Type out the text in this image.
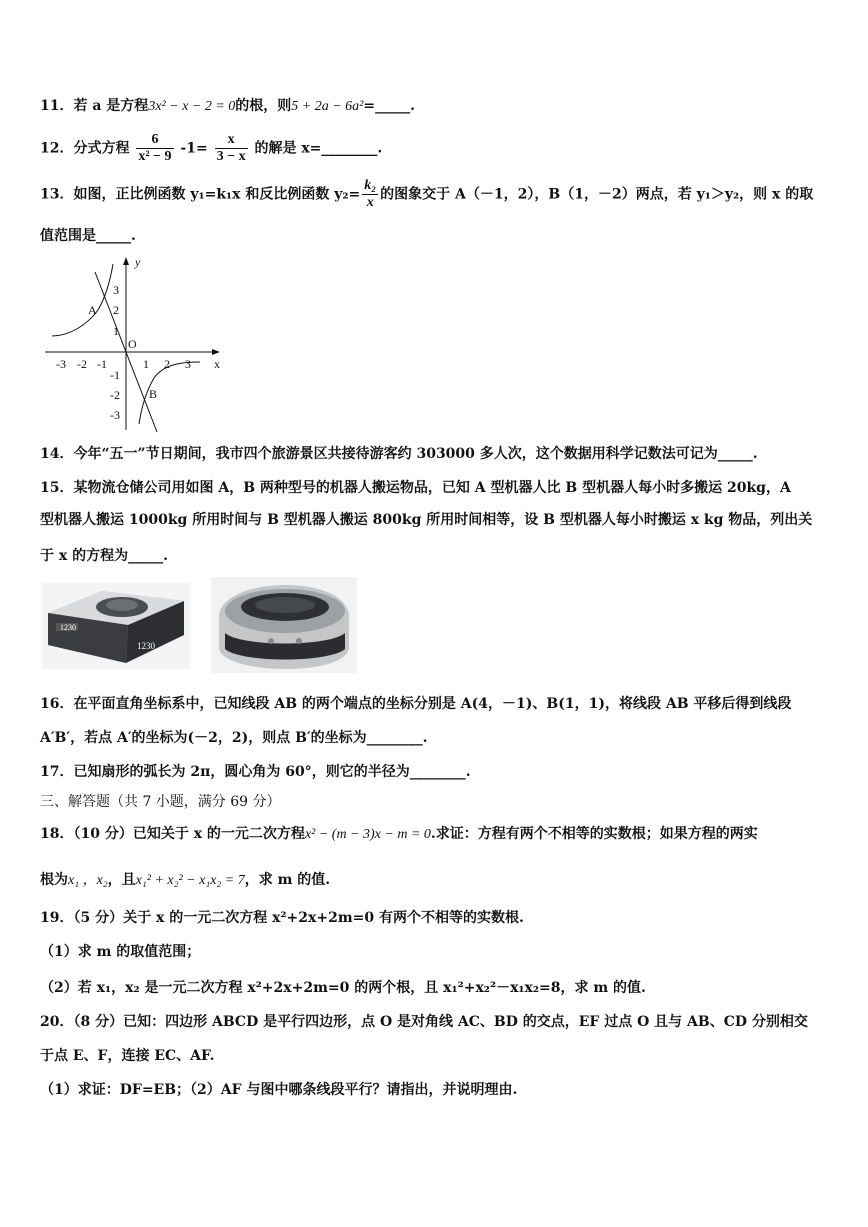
11．若 a 是方程3x² − x − 2 = 0的根，则5 + 2a − 6a²=_____.
12．分式方程 $\frac{6}{\text{x² − 9}} -1= \frac{x}{3 - x}$ 的解是 x=________.
13．如图，正比例函数 y₁=k₁x 和反比例函数 $y_2= \frac{\text{k₂}}{x}$ 的图象交于 A（－1，2），B（1，－2）两点，若 y₁＞y₂，则 x 的取
值范围是_____.
y
x
O
A
B
-3 -2 -1	1 2 3
3
2
1
-1
-2
-3
14．今年“五一”节日期间，我市四个旅游景区共接待游客约 303000 多人次，这个数据用科学记数法可记为_____.
15．某物流仓储公司用如图 A，B 两种型号的机器人搬运物品，已知 A 型机器人比 B 型机器人每小时多搬运 20kg，A
型机器人搬运 1000kg 所用时间与 B 型机器人搬运 800kg 所用时间相等，设 B 型机器人每小时搬运 x kg 物品，列出关
于 x 的方程为_____.
1230
1230
16．在平面直角坐标系中，已知线段 AB 的两个端点的坐标分别是 A(4，－1)、B(1，1)，将线段 AB 平移后得到线段
A′B′，若点 A′的坐标为(－2，2)，则点 B′的坐标为________.
17．已知扇形的弧长为 2π，圆心角为 60°，则它的半径为________.
三、解答题（共 7 小题，满分 69 分）
18．（10 分）已知关于 x 的一元二次方程x² − (m − 3)x − m = 0.求证：方程有两个不相等的实数根；如果方程的两实
根为x₁ ，x₂，且x₁² + x₂² − x₁x₂ = 7，求 m 的值.
19．（5 分）关于 x 的一元二次方程 x²+2x+2m=0 有两个不相等的实数根.
（1）求 m 的取值范围；
（2）若 x₁，x₂ 是一元二次方程 x²+2x+2m=0 的两个根，且 x₁²+x₂²－x₁x₂=8，求 m 的值.
20．（8 分）已知：四边形 ABCD 是平行四边形，点 O 是对角线 AC、BD 的交点，EF 过点 O 且与 AB、CD 分别相交
于点 E、F，连接 EC、AF.
（1）求证：DF=EB；（2）AF 与图中哪条线段平行？请指出，并说明理由.
